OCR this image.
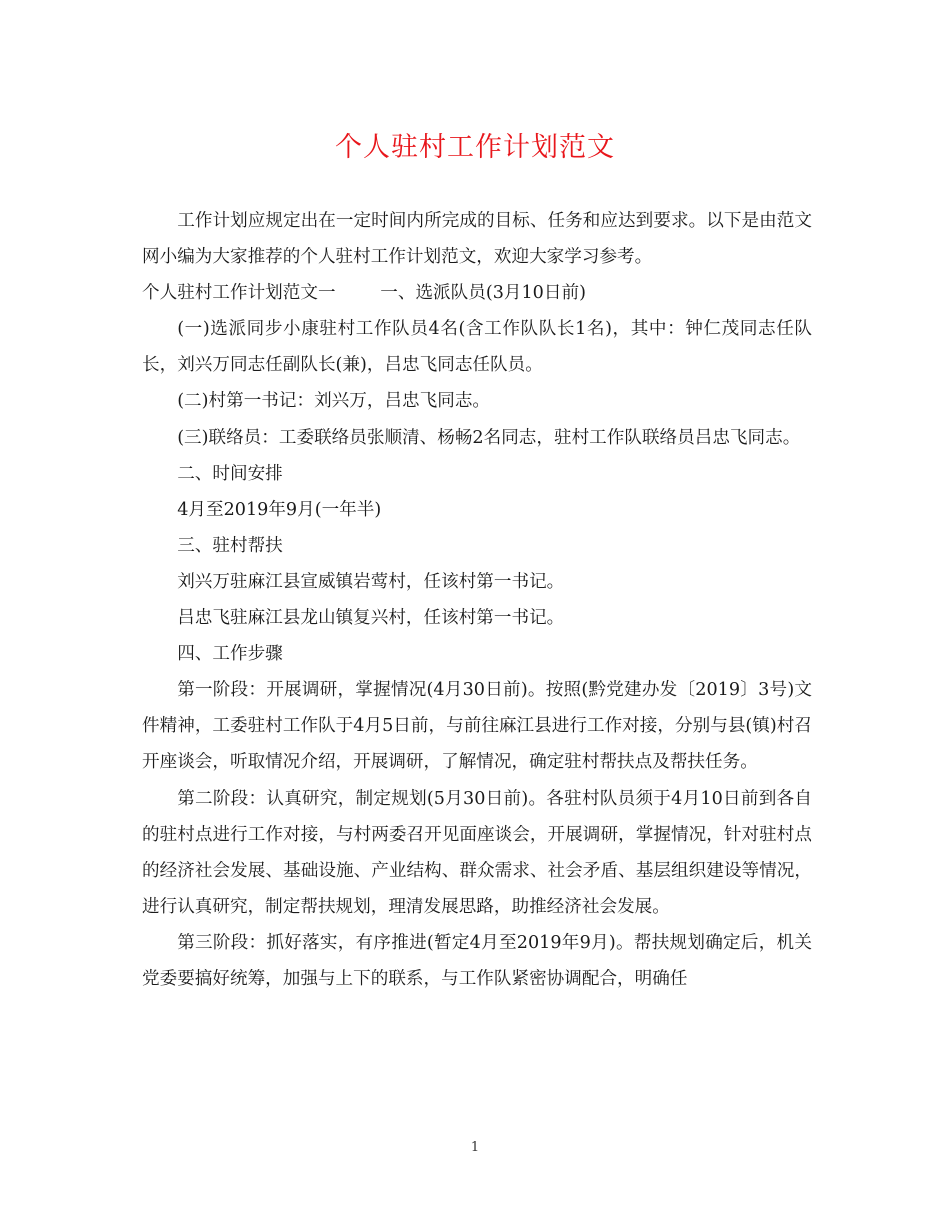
个人驻村工作计划范文

工作计划应规定出在一定时间内所完成的目标、任务和应达到要求。以下是由范文网小编为大家推荐的个人驻村工作计划范文，欢迎大家学习参考。

个人驻村工作计划范文一        一、选派队员(3月10日前)

(一)选派同步小康驻村工作队员4名(含工作队队长1名)，其中：钟仁茂同志任队长，刘兴万同志任副队长(兼)，吕忠飞同志任队员。

(二)村第一书记：刘兴万，吕忠飞同志。

(三)联络员：工委联络员张顺清、杨畅2名同志，驻村工作队联络员吕忠飞同志。

二、时间安排

4月至2019年9月(一年半)

三、驻村帮扶

刘兴万驻麻江县宣威镇岩莺村，任该村第一书记。

吕忠飞驻麻江县龙山镇复兴村，任该村第一书记。

四、工作步骤

第一阶段：开展调研，掌握情况(4月30日前)。按照(黔党建办发〔2019〕3号)文件精神，工委驻村工作队于4月5日前，与前往麻江县进行工作对接，分别与县(镇)村召开座谈会，听取情况介绍，开展调研，了解情况，确定驻村帮扶点及帮扶任务。

第二阶段：认真研究，制定规划(5月30日前)。各驻村队员须于4月10日前到各自的驻村点进行工作对接，与村两委召开见面座谈会，开展调研，掌握情况，针对驻村点的经济社会发展、基础设施、产业结构、群众需求、社会矛盾、基层组织建设等情况，进行认真研究，制定帮扶规划，理清发展思路，助推经济社会发展。

第三阶段：抓好落实，有序推进(暂定4月至2019年9月)。帮扶规划确定后，机关党委要搞好统筹，加强与上下的联系，与工作队紧密协调配合，明确任

1
